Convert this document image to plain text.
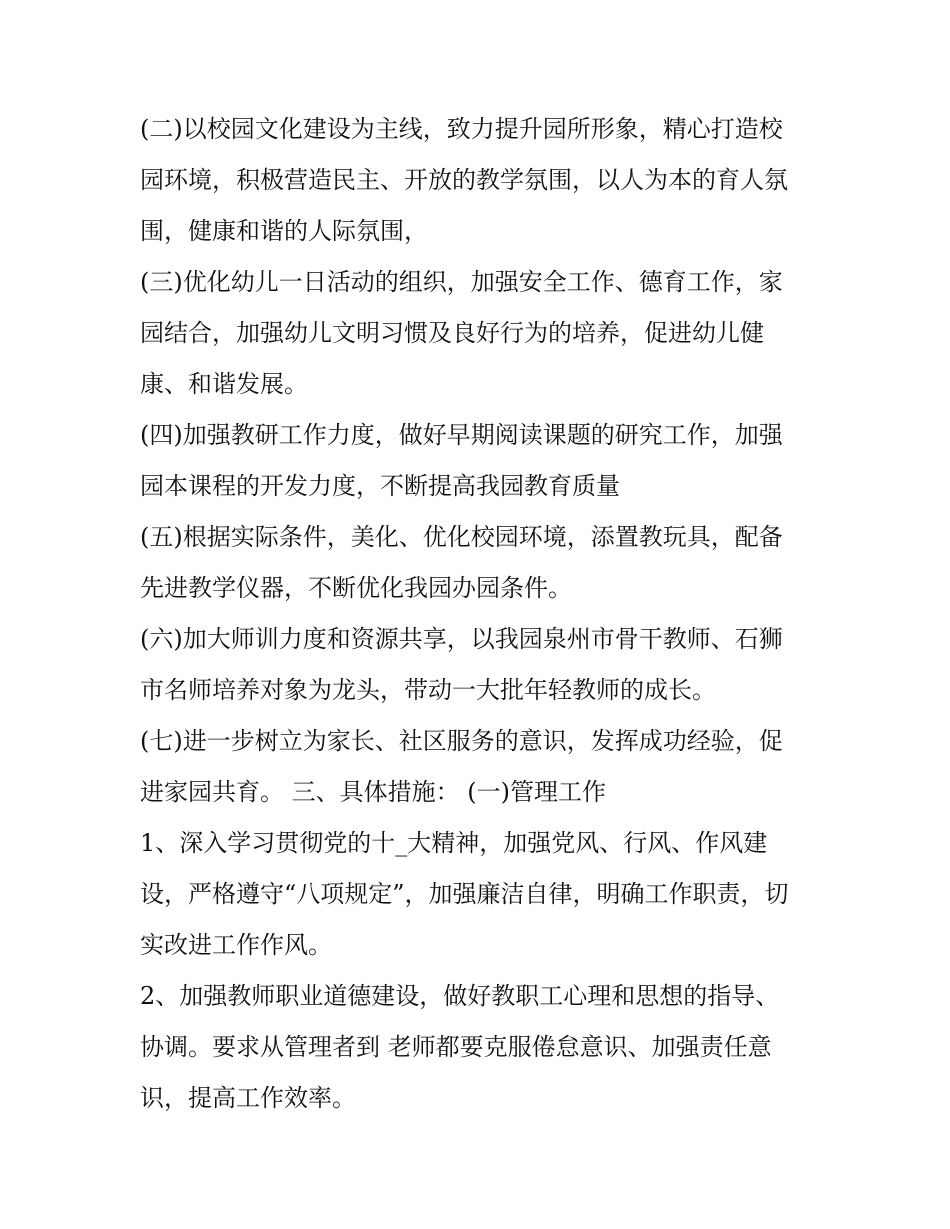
(二)以校园文化建设为主线，致力提升园所形象，精心打造校
园环境，积极营造民主、开放的教学氛围，以人为本的育人氛
围，健康和谐的人际氛围，
(三)优化幼儿一日活动的组织，加强安全工作、德育工作，家
园结合，加强幼儿文明习惯及良好行为的培养，促进幼儿健
康、和谐发展。
(四)加强教研工作力度，做好早期阅读课题的研究工作，加强
园本课程的开发力度，不断提高我园教育质量
(五)根据实际条件，美化、优化校园环境，添置教玩具，配备
先进教学仪器，不断优化我园办园条件。
(六)加大师训力度和资源共享，以我园泉州市骨干教师、石狮
市名师培养对象为龙头，带动一大批年轻教师的成长。
(七)进一步树立为家长、社区服务的意识，发挥成功经验，促
进家园共育。 三、具体措施： (一)管理工作
1、深入学习贯彻党的十_大精神，加强党风、行风、作风建
设，严格遵守“八项规定”，加强廉洁自律，明确工作职责，切
实改进工作作风。
2、加强教师职业道德建设，做好教职工心理和思想的指导、
协调。要求从管理者到 老师都要克服倦怠意识、加强责任意
识，提高工作效率。
